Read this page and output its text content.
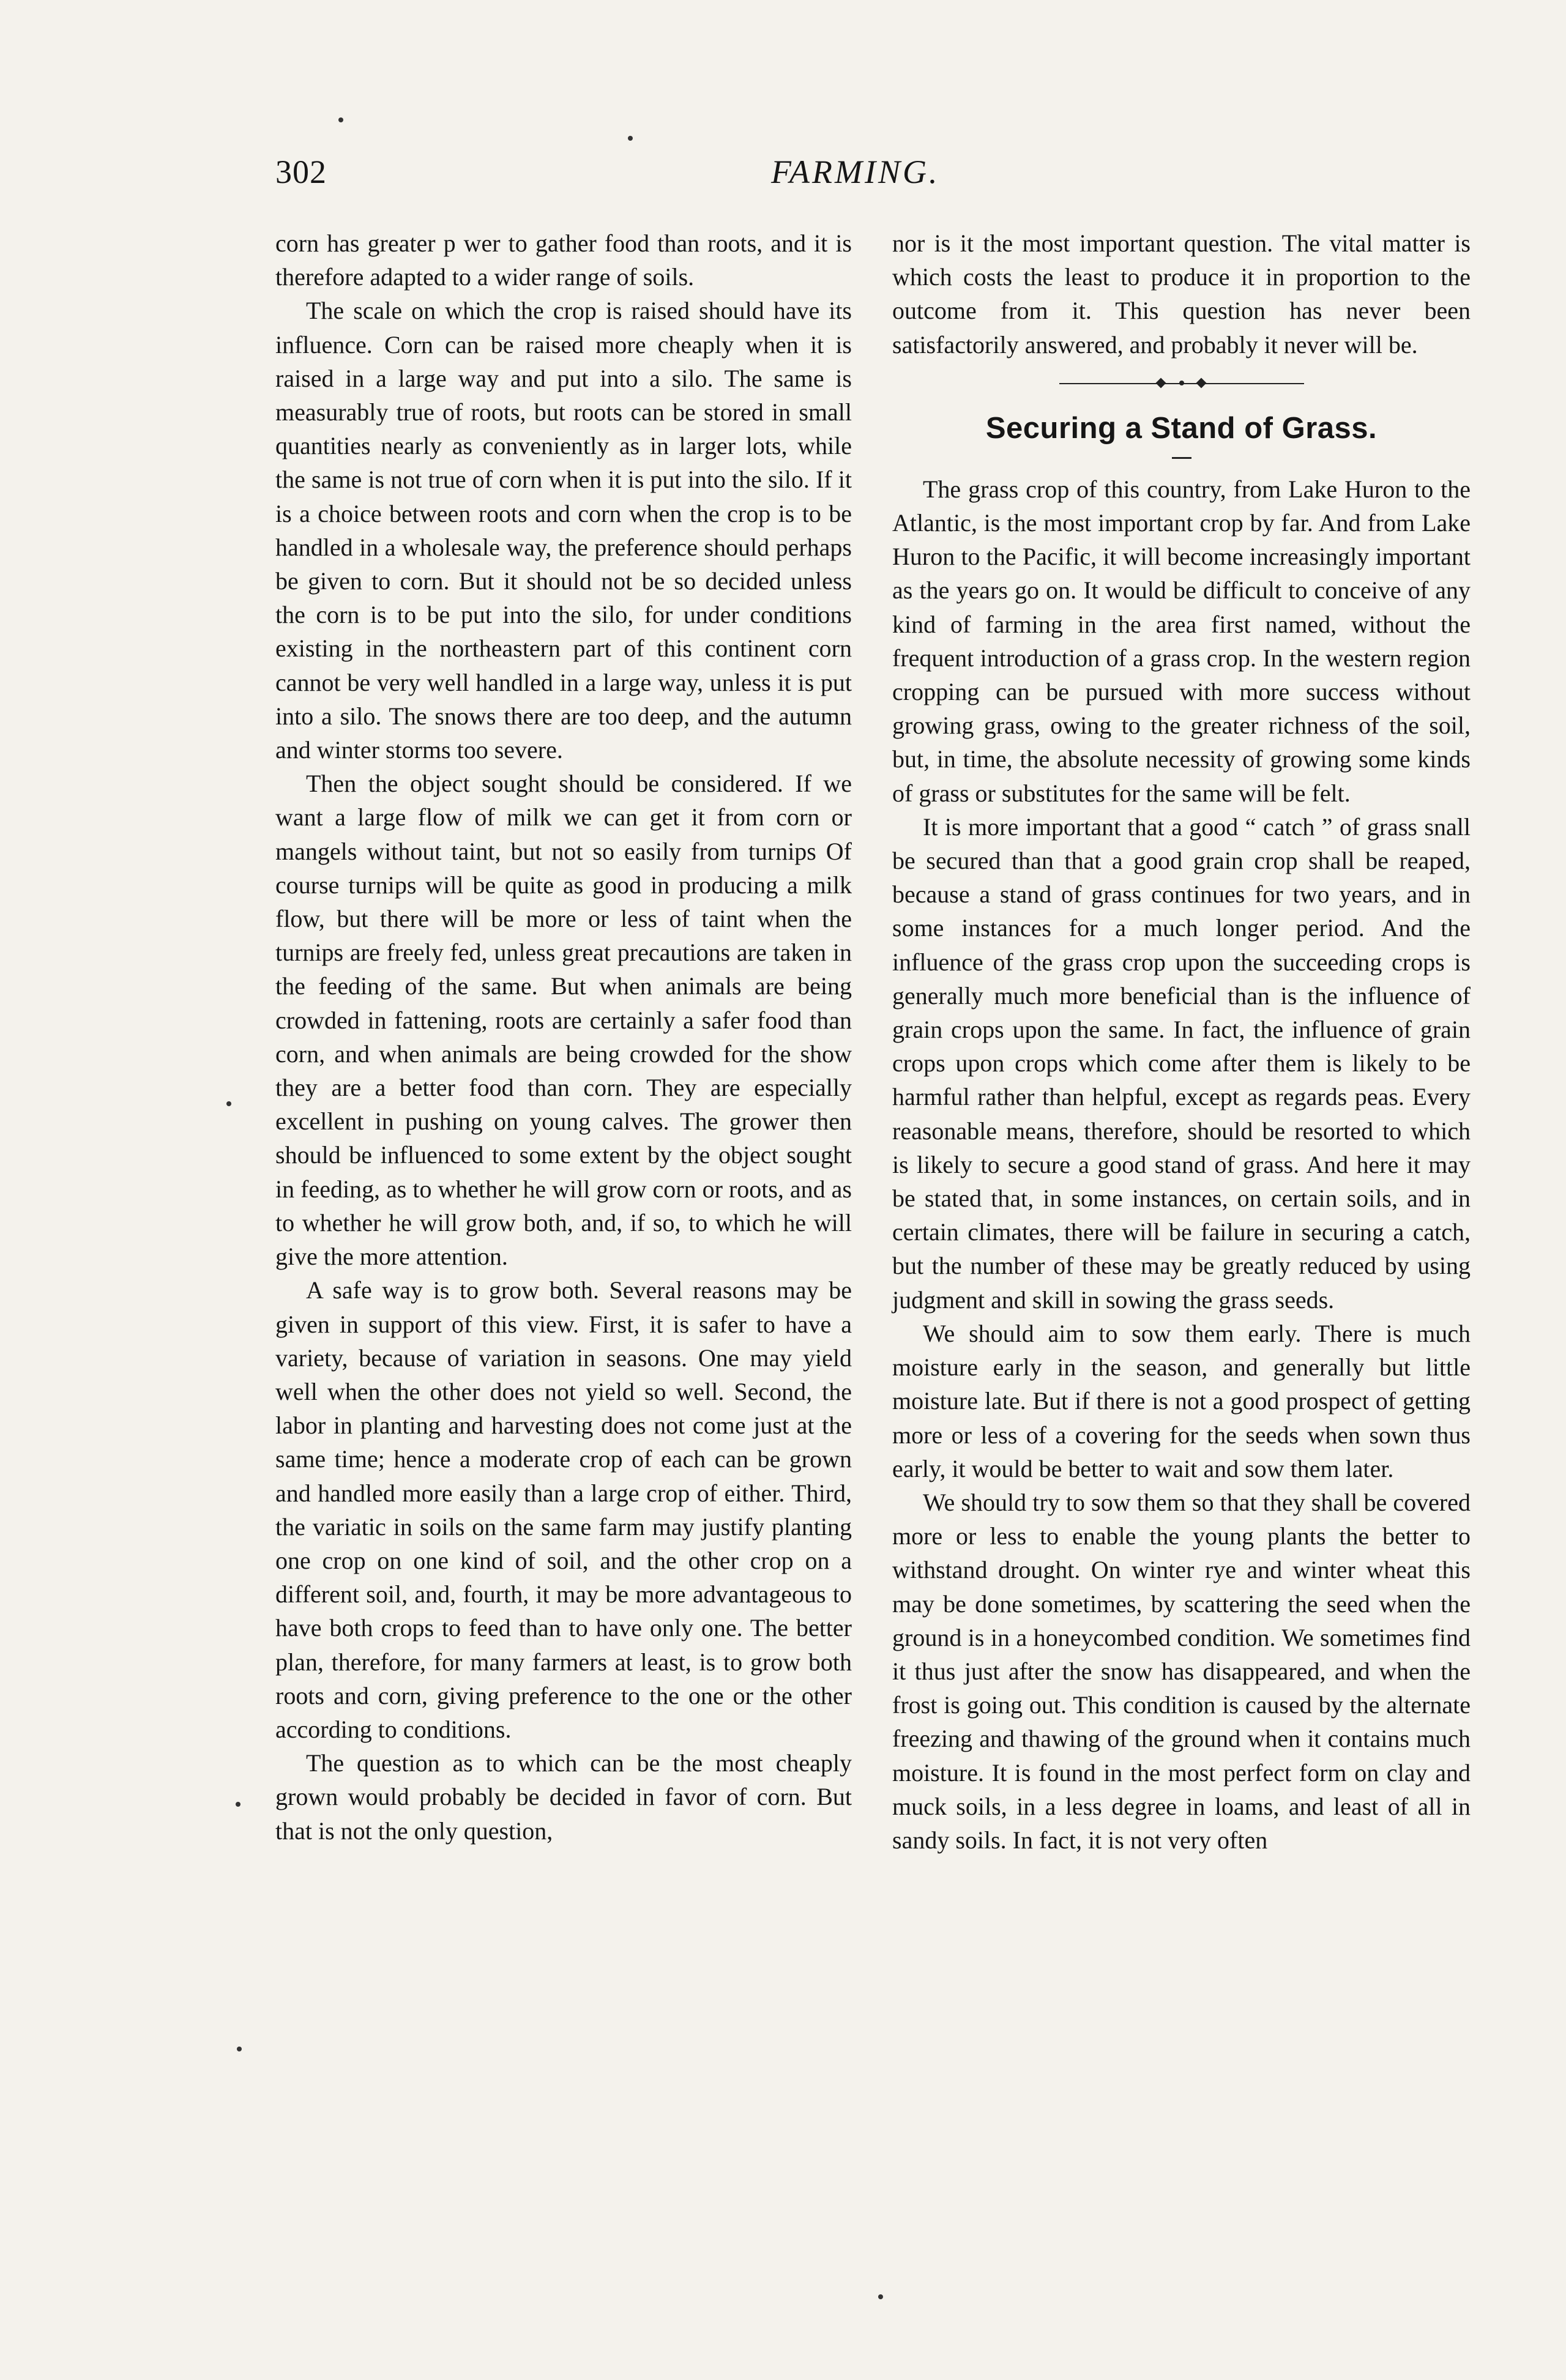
302	FARMING.

corn has greater p wer to gather food than roots, and it is therefore adapted to a wider range of soils.

The scale on which the crop is raised should have its influence. Corn can be raised more cheaply when it is raised in a large way and put into a silo. The same is measurably true of roots, but roots can be stored in small quantities nearly as conveniently as in larger lots, while the same is not true of corn when it is put into the silo. If it is a choice between roots and corn when the crop is to be handled in a wholesale way, the preference should perhaps be given to corn. But it should not be so decided unless the corn is to be put into the silo, for under conditions existing in the northeastern part of this continent corn cannot be very well handled in a large way, unless it is put into a silo. The snows there are too deep, and the autumn and winter storms too severe.

Then the object sought should be considered. If we want a large flow of milk we can get it from corn or mangels without taint, but not so easily from turnips Of course turnips will be quite as good in producing a milk flow, but there will be more or less of taint when the turnips are freely fed, unless great precautions are taken in the feeding of the same. But when animals are being crowded in fattening, roots are certainly a safer food than corn, and when animals are being crowded for the show they are a better food than corn. They are especially excellent in pushing on young calves. The grower then should be influenced to some extent by the object sought in feeding, as to whether he will grow corn or roots, and as to whether he will grow both, and, if so, to which he will give the more attention.

A safe way is to grow both. Several reasons may be given in support of this view. First, it is safer to have a variety, because of variation in seasons. One may yield well when the other does not yield so well. Second, the labor in planting and harvesting does not come just at the same time; hence a moderate crop of each can be grown and handled more easily than a large crop of either. Third, the variatic in soils on the same farm may justify planting one crop on one kind of soil, and the other crop on a different soil, and, fourth, it may be more advantageous to have both crops to feed than to have only one. The better plan, therefore, for many farmers at least, is to grow both roots and corn, giving preference to the one or the other according to conditions.

The question as to which can be the most cheaply grown would probably be decided in favor of corn. But that is not the only question,

nor is it the most important question. The vital matter is which costs the least to produce it in proportion to the outcome from it. This question has never been satisfactorily answered, and probably it never will be.

Securing a Stand of Grass.

The grass crop of this country, from Lake Huron to the Atlantic, is the most important crop by far. And from Lake Huron to the Pacific, it will become increasingly important as the years go on. It would be difficult to conceive of any kind of farming in the area first named, without the frequent introduction of a grass crop. In the western region cropping can be pursued with more success without growing grass, owing to the greater richness of the soil, but, in time, the absolute necessity of growing some kinds of grass or substitutes for the same will be felt.

It is more important that a good “ catch ” of grass snall be secured than that a good grain crop shall be reaped, because a stand of grass continues for two years, and in some instances for a much longer period. And the influence of the grass crop upon the succeeding crops is generally much more beneficial than is the influence of grain crops upon the same. In fact, the influence of grain crops upon crops which come after them is likely to be harmful rather than helpful, except as regards peas. Every reasonable means, therefore, should be resorted to which is likely to secure a good stand of grass. And here it may be stated that, in some instances, on certain soils, and in certain climates, there will be failure in securing a catch, but the number of these may be greatly reduced by using judgment and skill in sowing the grass seeds.

We should aim to sow them early. There is much moisture early in the season, and generally but little moisture late. But if there is not a good prospect of getting more or less of a covering for the seeds when sown thus early, it would be better to wait and sow them later.

We should try to sow them so that they shall be covered more or less to enable the young plants the better to withstand drought. On winter rye and winter wheat this may be done sometimes, by scattering the seed when the ground is in a honeycombed condition. We sometimes find it thus just after the snow has disappeared, and when the frost is going out. This condition is caused by the alternate freezing and thawing of the ground when it contains much moisture. It is found in the most perfect form on clay and muck soils, in a less degree in loams, and least of all in sandy soils. In fact, it is not very often
